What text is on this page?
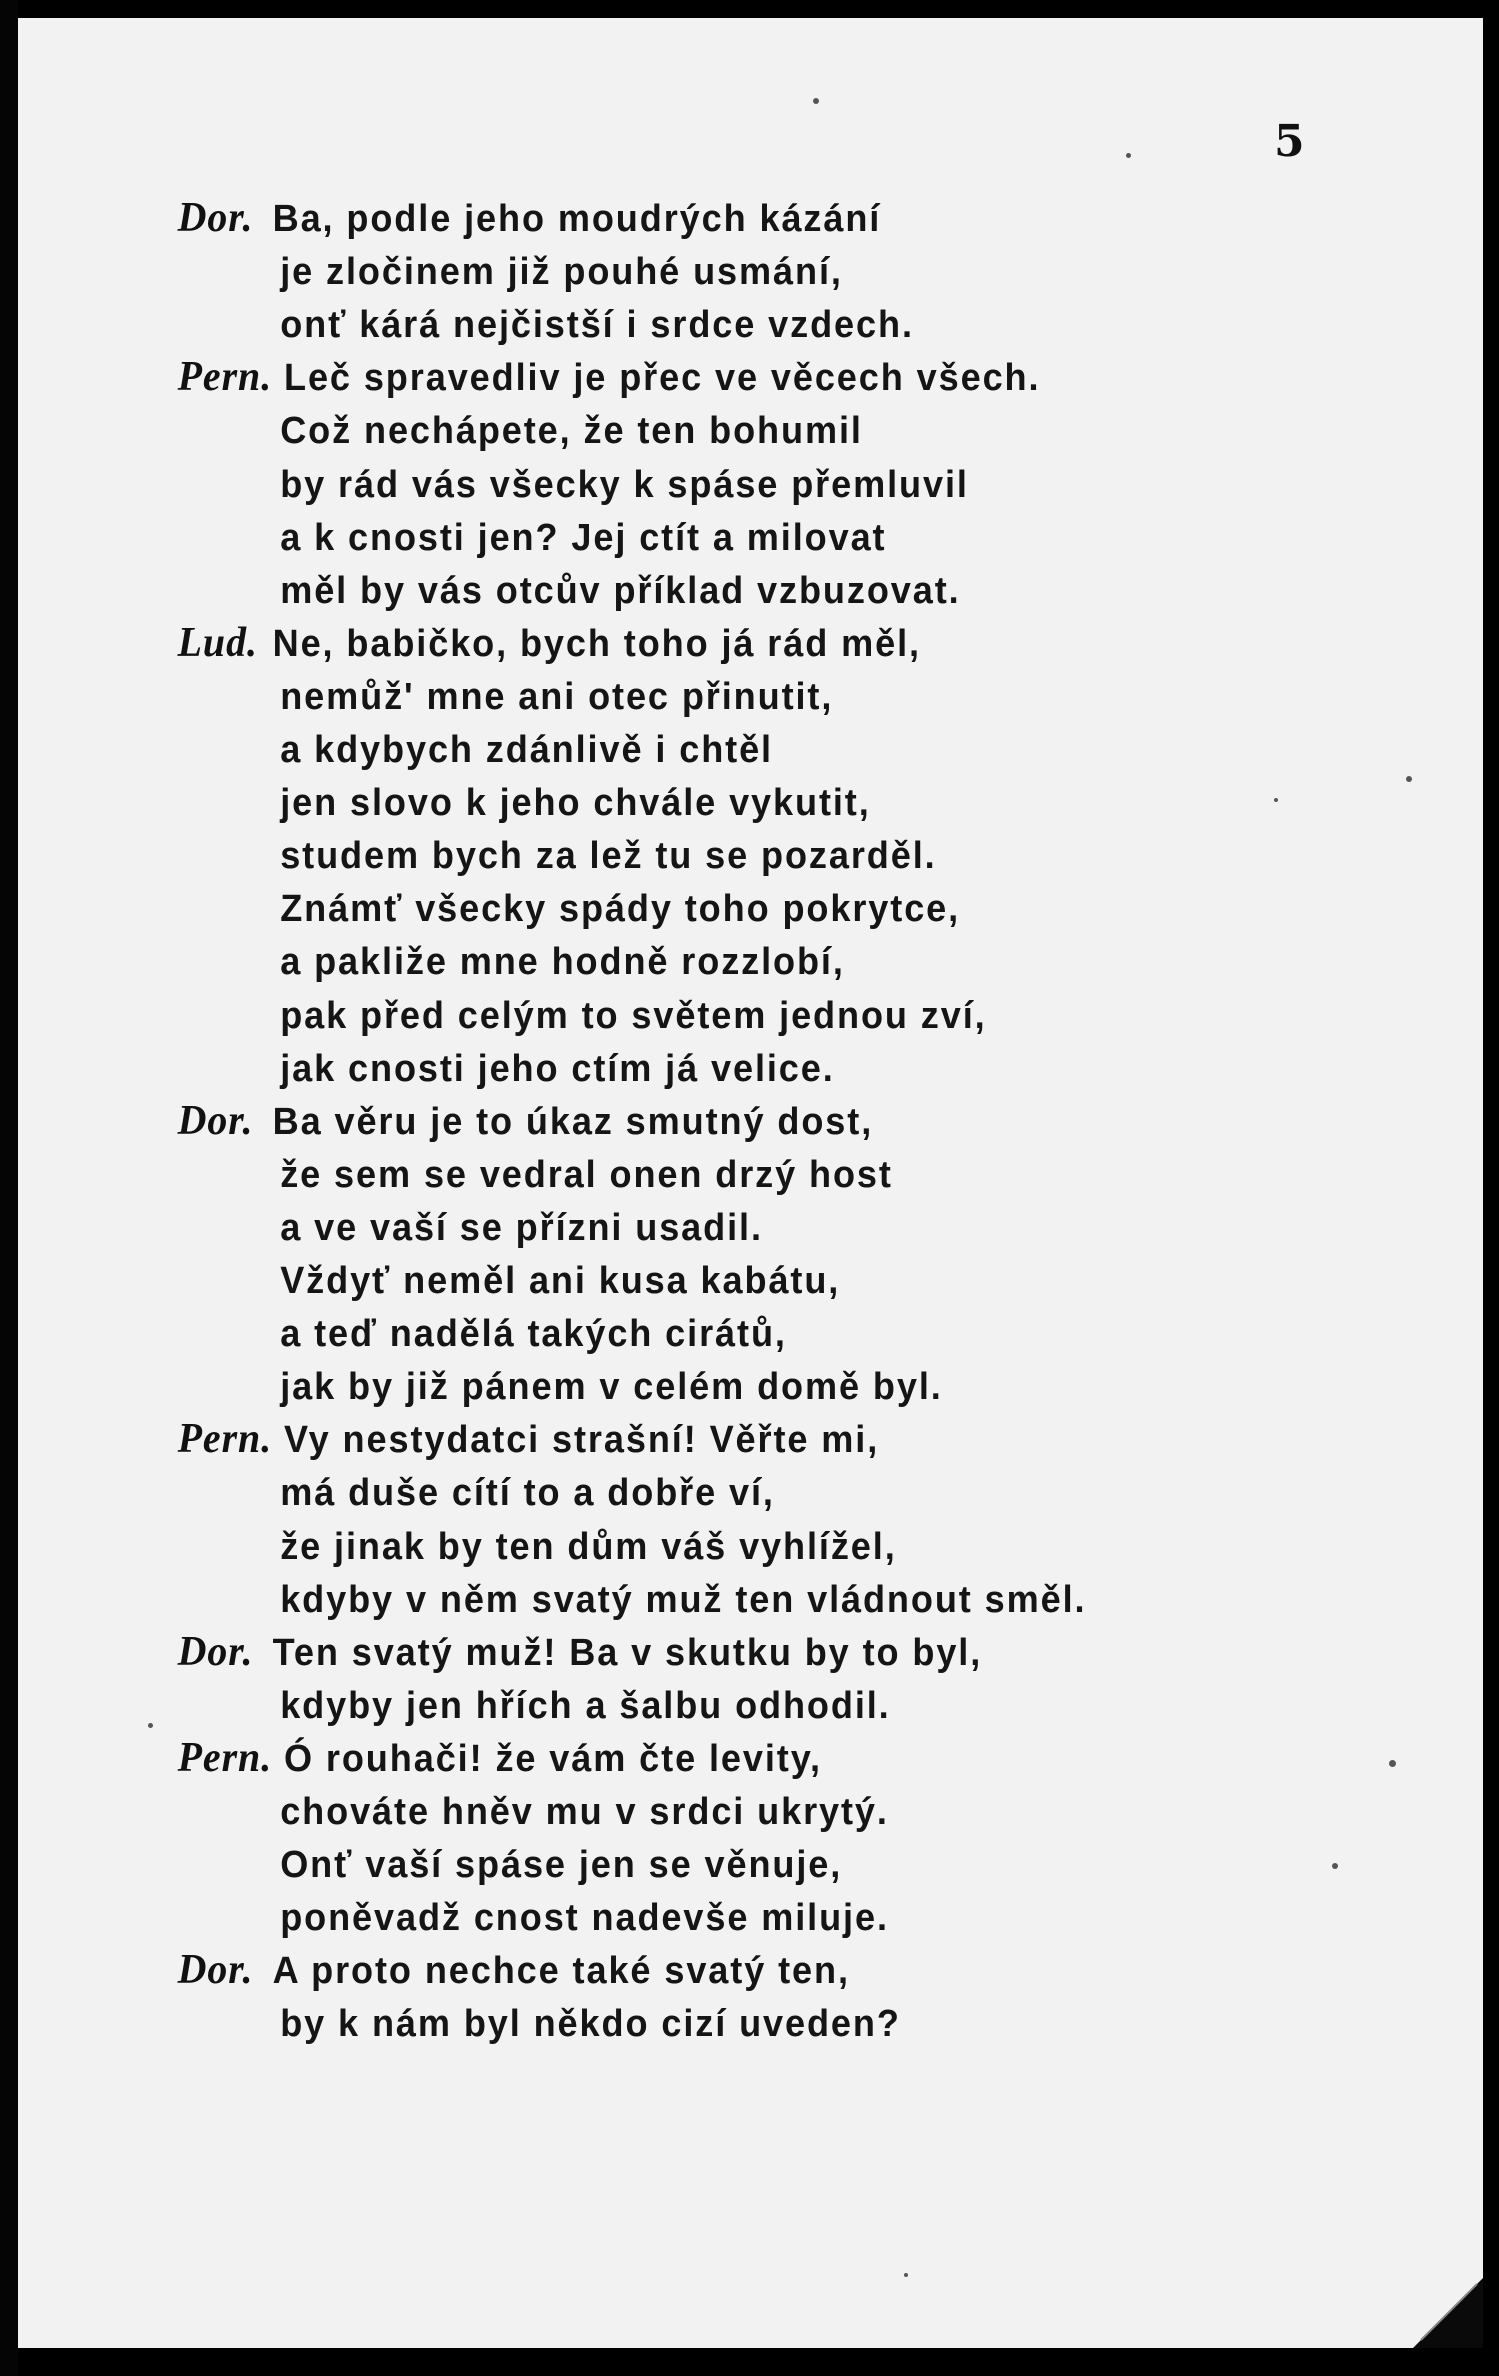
5
Dor. Ba, podle jeho moudrých kázání
je zločinem již pouhé usmání,
onť kárá nejčistší i srdce vzdech.
Pern. Leč spravedliv je přec ve věcech všech.
Což nechápete, že ten bohumil
by rád vás všecky k spáse přemluvil
a k cnosti jen? Jej ctít a milovat
měl by vás otcův příklad vzbuzovat.
Lud. Ne, babičko, bych toho já rád měl,
nemůž' mne ani otec přinutit,
a kdybych zdánlivě i chtěl
jen slovo k jeho chvále vykutit,
studem bych za lež tu se pozarděl.
Známť všecky spády toho pokrytce,
a pakliže mne hodně rozzlobí,
pak před celým to světem jednou zví,
jak cnosti jeho ctím já velice.
Dor. Ba věru je to úkaz smutný dost,
že sem se vedral onen drzý host
a ve vaší se přízni usadil.
Vždyť neměl ani kusa kabátu,
a teď nadělá takých cirátů,
jak by již pánem v celém domě byl.
Pern. Vy nestydatci strašní! Věřte mi,
má duše cítí to a dobře ví,
že jinak by ten dům váš vyhlížel,
kdyby v něm svatý muž ten vládnout směl.
Dor. Ten svatý muž! Ba v skutku by to byl,
kdyby jen hřích a šalbu odhodil.
Pern. Ó rouhači! že vám čte levity,
chováte hněv mu v srdci ukrytý.
Onť vaší spáse jen se věnuje,
poněvadž cnost nadevše miluje.
Dor. A proto nechce také svatý ten,
by k nám byl někdo cizí uveden?
